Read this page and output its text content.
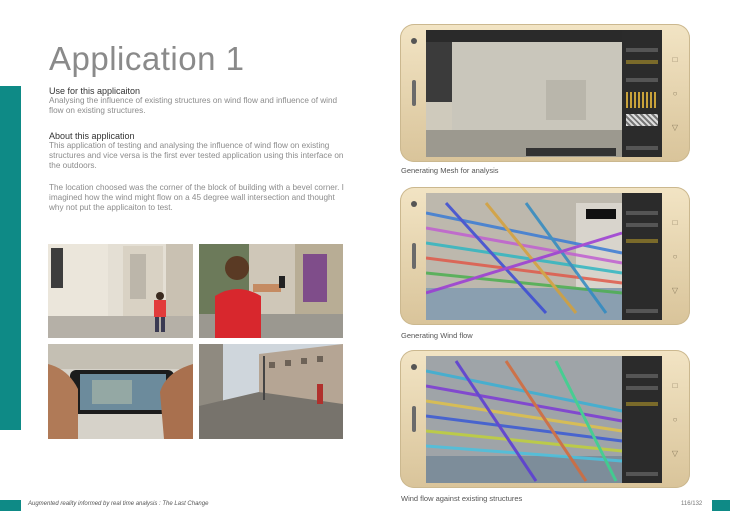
Application 1
Use for this applicaiton
Analysing the influence of existing structures on wind flow and influence of wind flow on existing structures.
About this application
This application of testing and analysing the influence of wind flow on existing structures and vice versa is the first ever tested application using this interface on the outdoors.
The location choosed was the corner of the block of building with a bevel corner. I imagined how the wind might flow on a 45 degree wall intersection and thought why not put the applicaiton to test.
□
○
▽
Generating Mesh for analysis
□
○
▽
Generating Wind flow
□
○
▽
Wind flow against existing structures
Augmented reality informed by real time analysis : The Last Change	116/132
